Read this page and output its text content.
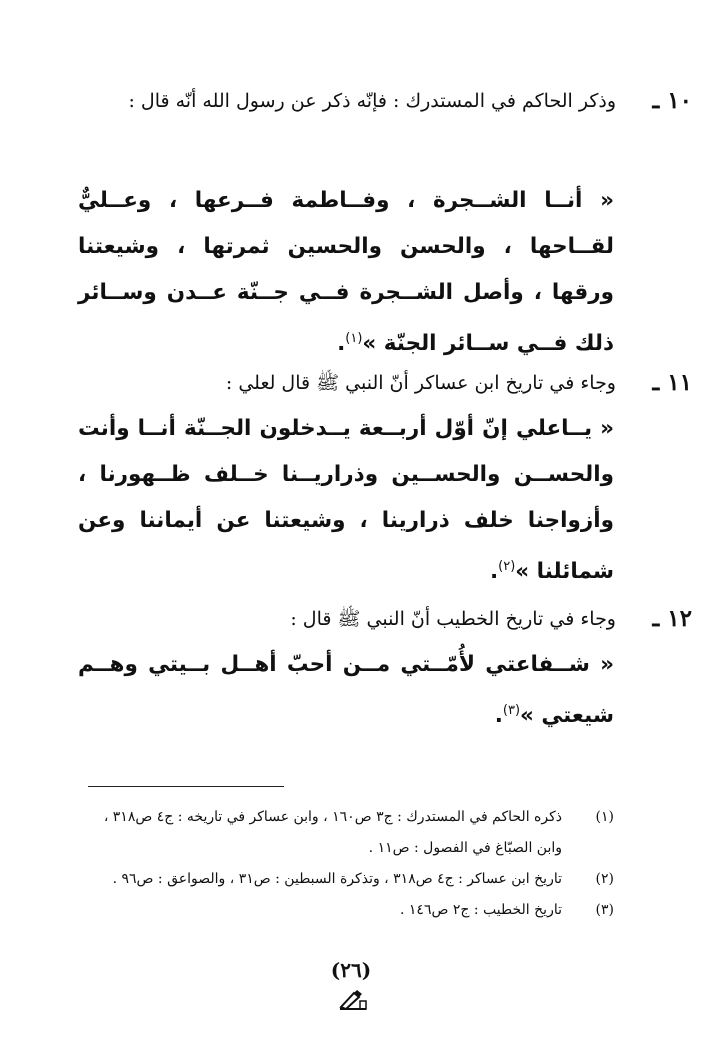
١٠ ـ
وذكر الحاكم في المستدرك : فإنّه ذكر عن رسول الله أنّه قال :
« أنــا الشــجرة ، وفــاطمة فــرعها ، وعــليٌّ لقــاحها ، والحسن والحسين ثمرتها ، وشيعتنا ورقها ، وأصل الشــجرة فــي جــنّة عــدن وســائر ذلك فــي ســائر الجنّة »$^{(١)}$.
١١ ـ
وجاء في تاريخ ابن عساكر أنّ النبي ﷺ قال لعلي :
« يــاعلي إنّ أوّل أربــعة يــدخلون الجــنّة أنــا وأنت والحســن والحســين وذراريــنا خــلف ظــهورنا ، وأزواجنا خلف ذرارينا ، وشيعتنا عن أيماننا وعن شمائلنا »$^{(٢)}$.
١٢ ـ
وجاء في تاريخ الخطيب أنّ النبي ﷺ قال :
« شــفاعتي لأُمّــتي مــن أحبّ أهــل بــيتي وهــم شيعتي »$^{(٣)}$.
(١)
ذكره الحاكم في المستدرك : ج٣ ص١٦٠ ، وابن عساكر في تاريخه : ج٤ ص٣١٨ ، وابن الصبّاغ في الفصول : ص١١ .
(٢)
تاريخ ابن عساكر : ج٤ ص٣١٨ ، وتذكرة السبطين : ص٣١ ، والصواعق : ص٩٦ .
(٣)
تاريخ الخطيب : ج٢ ص١٤٦ .
(٢٦)
